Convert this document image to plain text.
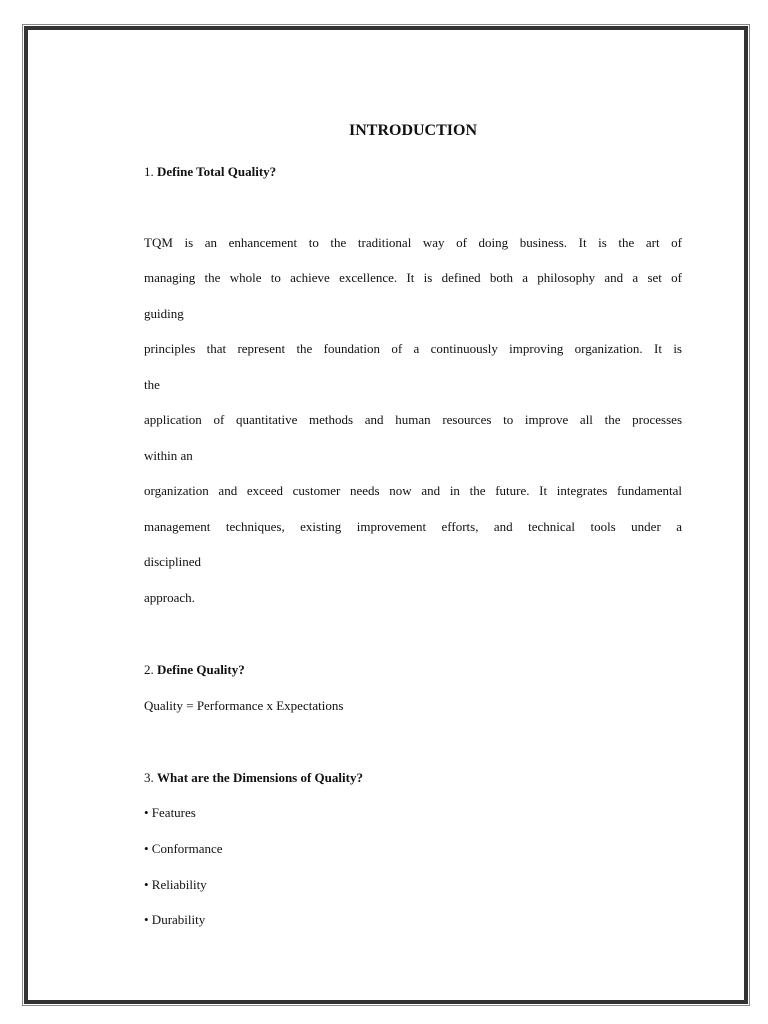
INTRODUCTION
1. Define Total Quality?
TQM is an enhancement to the traditional way of doing business. It is the art of
managing the whole to achieve excellence. It is defined both a philosophy and a set of
guiding
principles that represent the foundation of a continuously improving organization. It is
the
application of quantitative methods and human resources to improve all the processes
within an
organization and exceed customer needs now and in the future. It integrates fundamental
management techniques, existing improvement efforts, and technical tools under a
disciplined
approach.
2. Define Quality?
Quality = Performance x Expectations
3. What are the Dimensions of Quality?
• Features
• Conformance
• Reliability
• Durability
